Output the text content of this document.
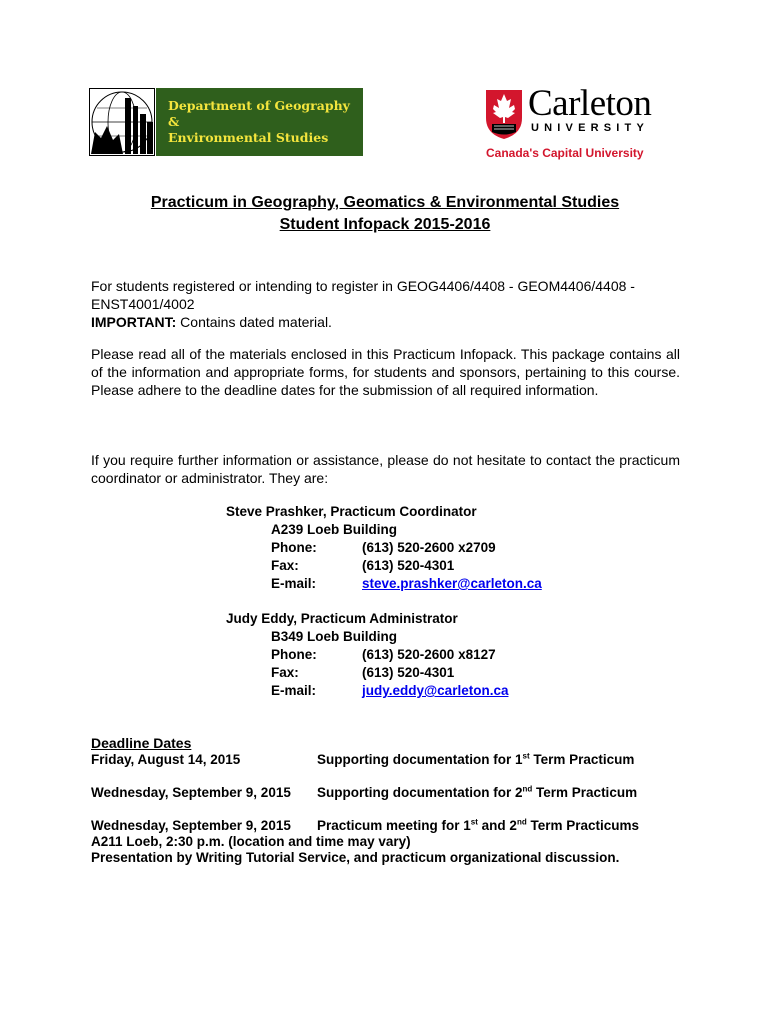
Department of Geography &
Environmental Studies
Carleton
UNIVERSITY
Canada's Capital University
Practicum in Geography, Geomatics & Environmental Studies
Student Infopack 2015-2016
For students registered or intending to register in GEOG4406/4408 - GEOM4406/4408 -
ENST4001/4002
IMPORTANT: Contains dated material.
Please read all of the materials enclosed in this Practicum Infopack. This package contains all of the information and appropriate forms, for students and sponsors, pertaining to this course. Please adhere to the deadline dates for the submission of all required information.
If you require further information or assistance, please do not hesitate to contact the practicum coordinator or administrator. They are:
Steve Prashker, Practicum Coordinator
A239 Loeb Building
Phone:	(613) 520-2600 x2709
Fax:	(613) 520-4301
E-mail:	steve.prashker@carleton.ca
Judy Eddy, Practicum Administrator
B349 Loeb Building
Phone:	(613) 520-2600 x8127
Fax:	(613) 520-4301
E-mail:	judy.eddy@carleton.ca
Deadline Dates
Friday, August 14, 2015	Supporting documentation for 1st Term Practicum
Wednesday, September 9, 2015 Supporting documentation for 2nd Term Practicum
Wednesday, September 9, 2015 Practicum meeting for 1st and 2nd Term Practicums
A211 Loeb, 2:30 p.m. (location and time may vary)
Presentation by Writing Tutorial Service, and practicum organizational discussion.
